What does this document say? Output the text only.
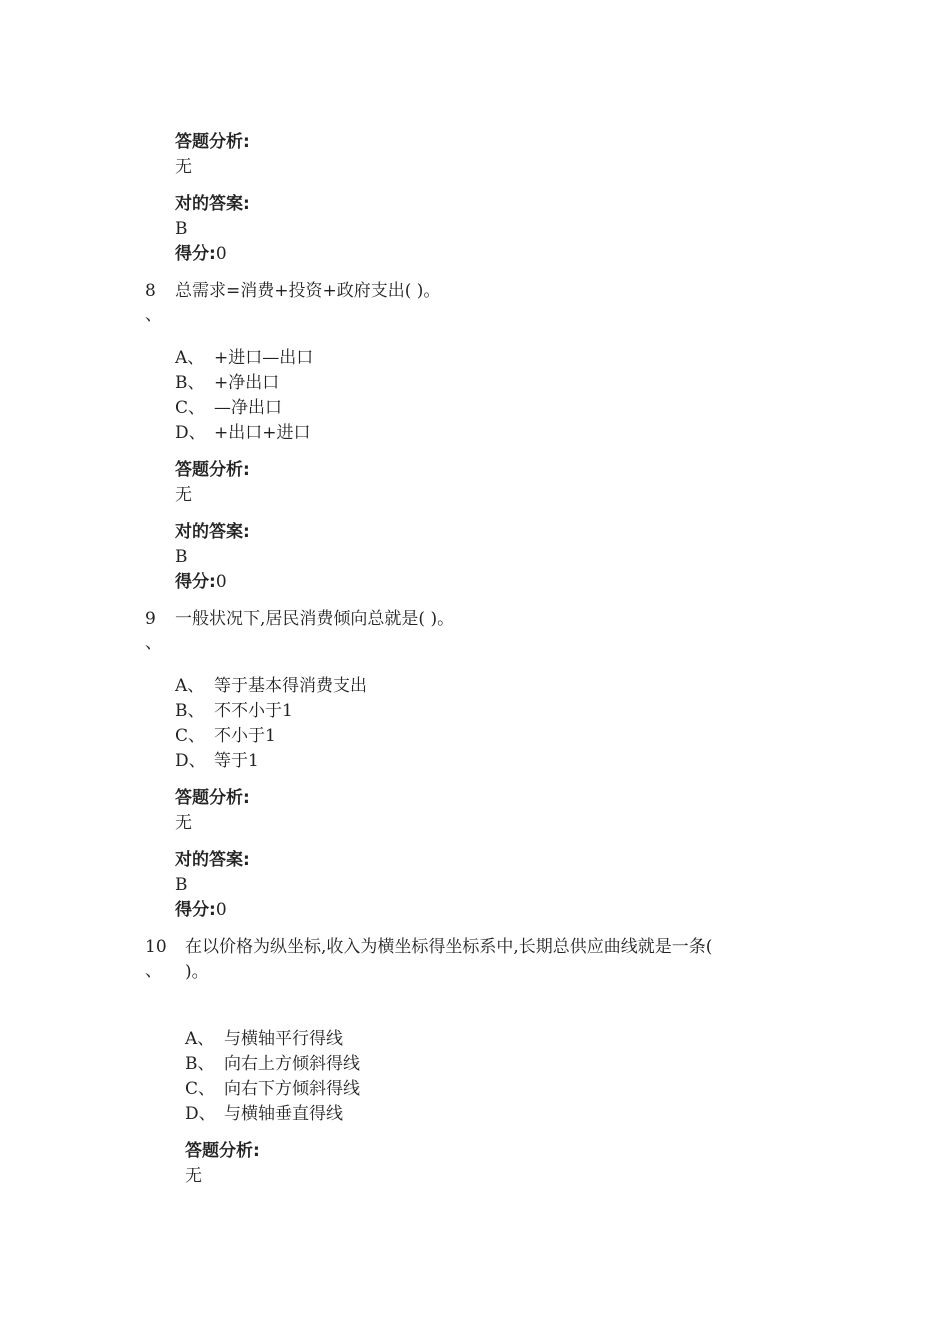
答题分析:
无
对的答案:
B
得分:0
8
、
总需求=消费+投资+政府支出( )。
A、 +进口—出口
B、 +净出口
C、 —净出口
D、 +出口+进口
答题分析:
无
对的答案:
B
得分:0
9
、
一般状况下,居民消费倾向总就是( )。
A、 等于基本得消费支出
B、 不不小于1
C、 不小于1
D、 等于1
答题分析:
无
对的答案:
B
得分:0
10
、
在以价格为纵坐标,收入为横坐标得坐标系中,长期总供应曲线就是一条(
)。
A、 与横轴平行得线
B、 向右上方倾斜得线
C、 向右下方倾斜得线
D、 与横轴垂直得线
答题分析:
无
